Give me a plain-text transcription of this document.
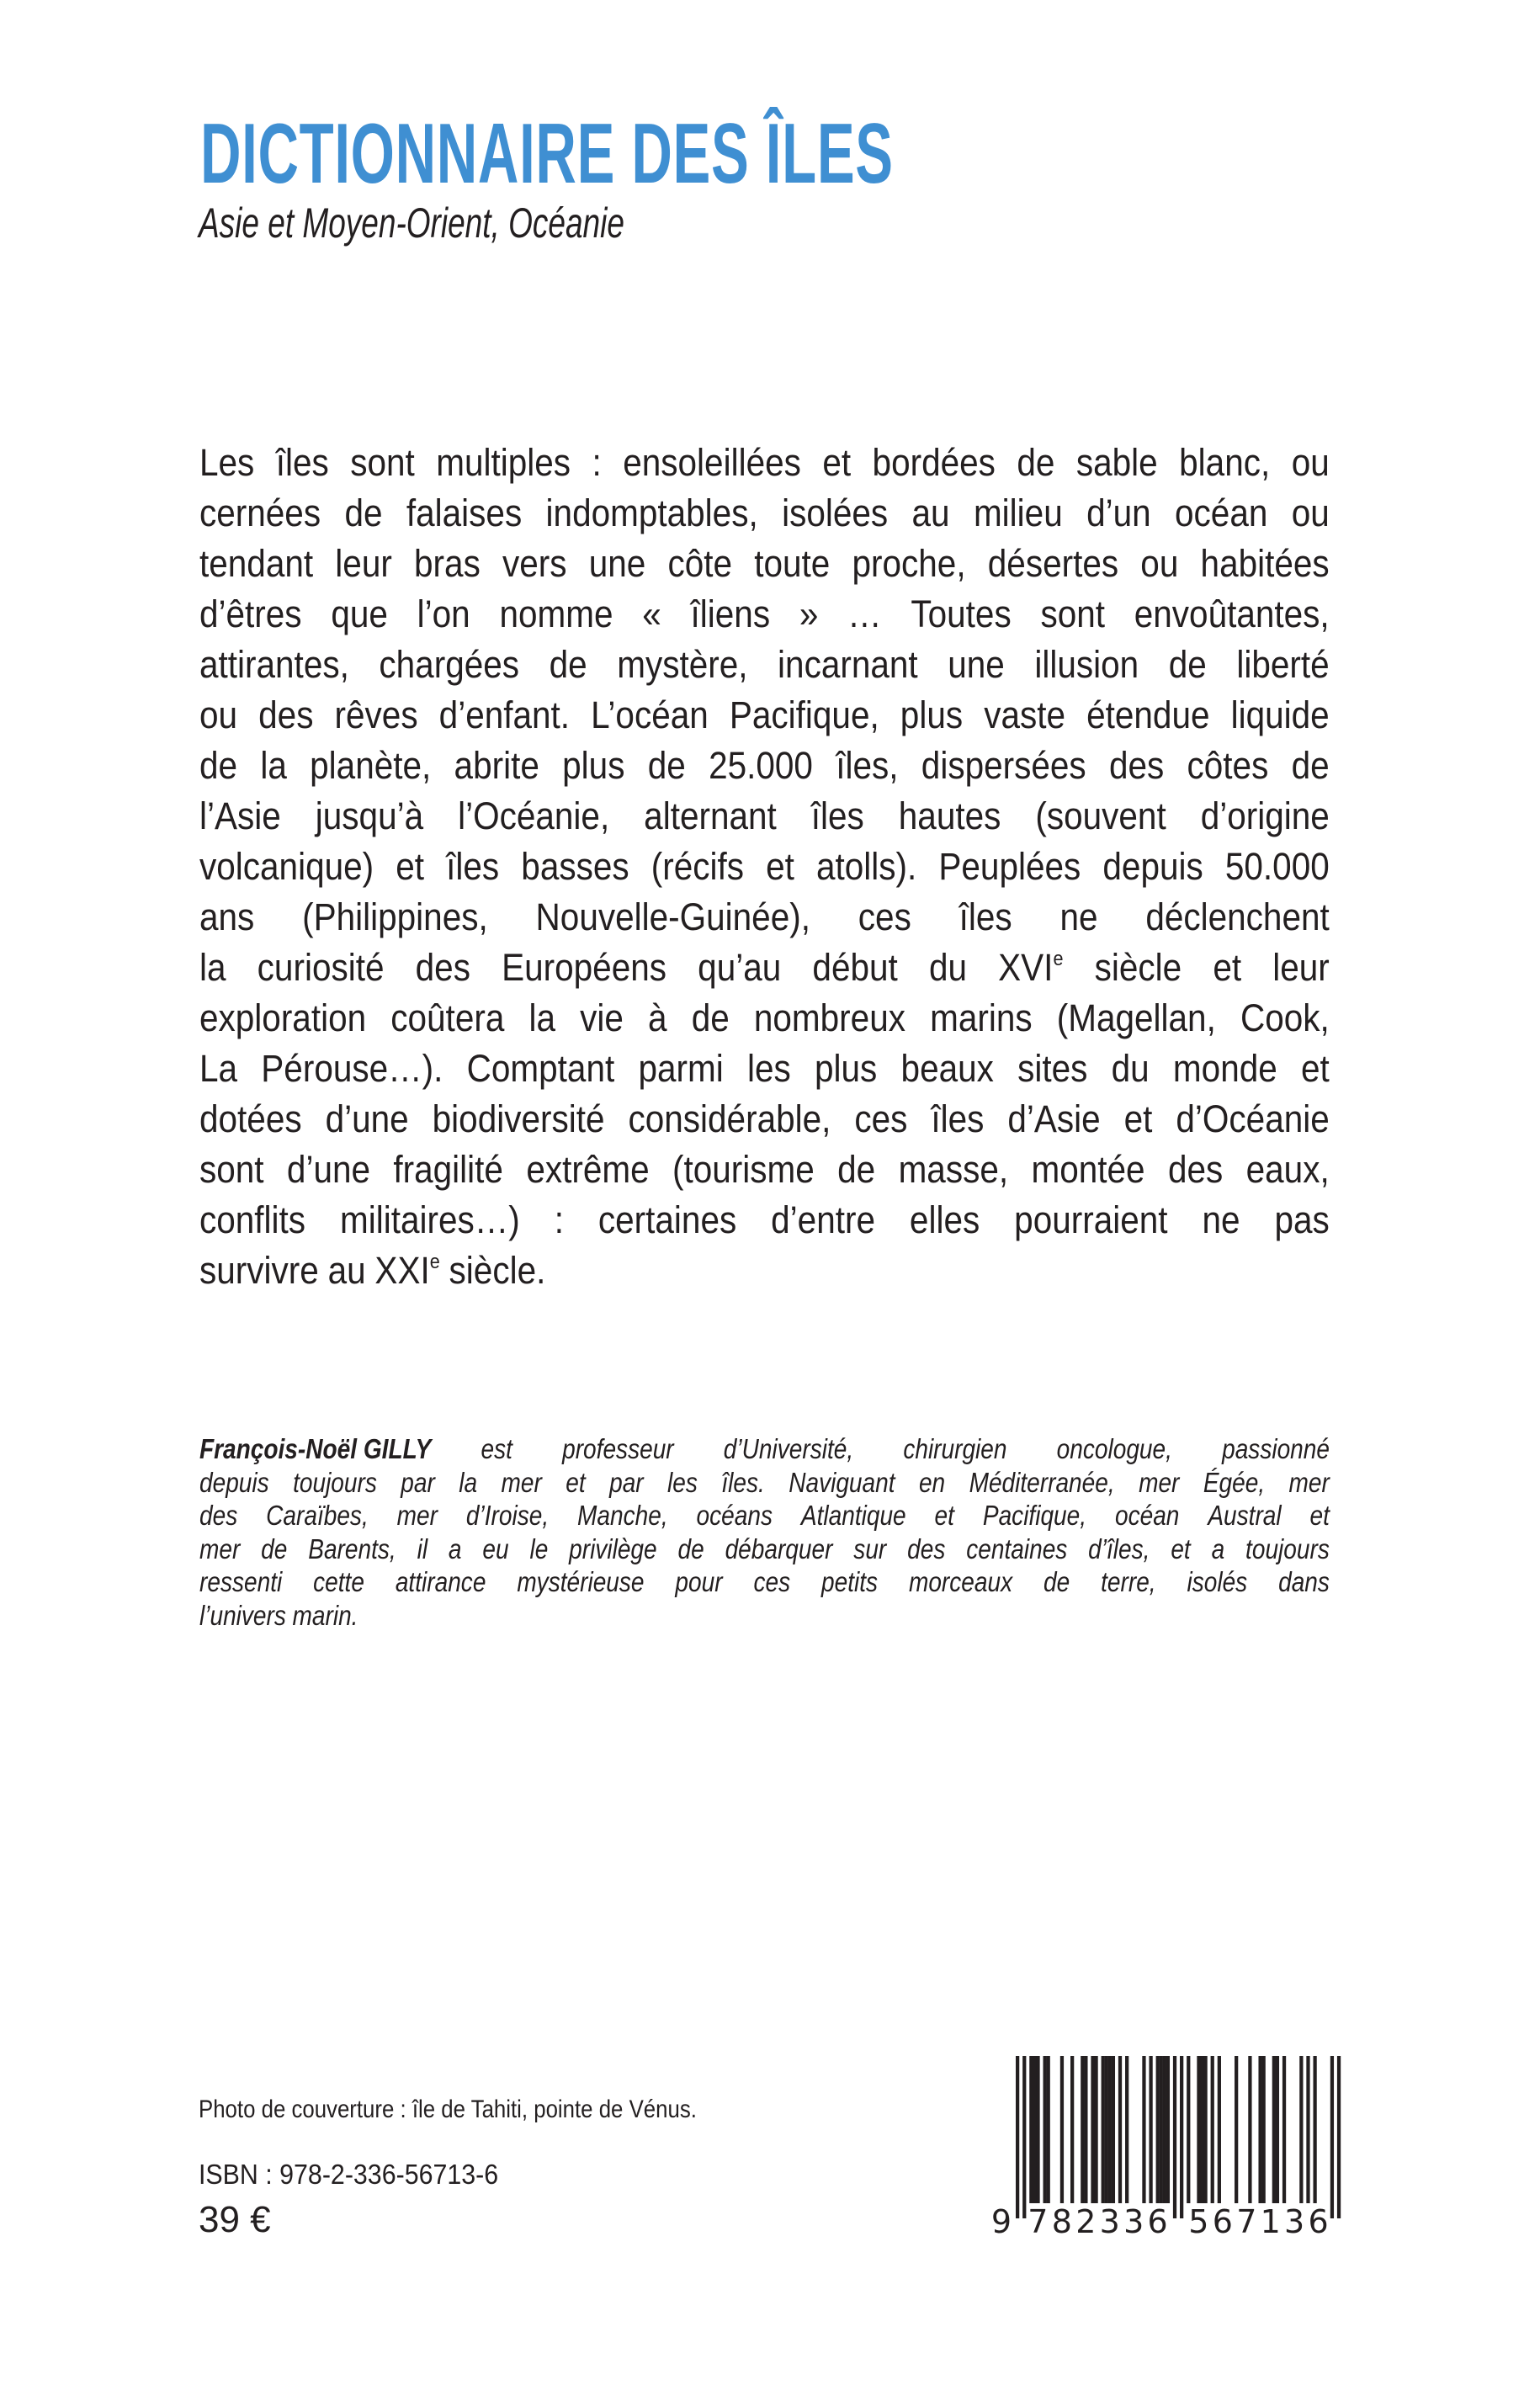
DICTIONNAIRE DES ÎLES
Asie et Moyen-Orient, Océanie
Les îles sont multiples : ensoleillées et bordées de sable blanc, ou
cernées de falaises indomptables, isolées au milieu d’un océan ou
tendant leur bras vers une côte toute proche, désertes ou habitées
d’êtres que l’on nomme « îliens » … Toutes sont envoûtantes,
attirantes, chargées de mystère, incarnant une illusion de liberté
ou des rêves d’enfant. L’océan Pacifique, plus vaste étendue liquide
de la planète, abrite plus de 25.000 îles, dispersées des côtes de
l’Asie jusqu’à l’Océanie, alternant îles hautes (souvent d’origine
volcanique) et îles basses (récifs et atolls). Peuplées depuis 50.000
ans (Philippines, Nouvelle-Guinée), ces îles ne déclenchent
la curiosité des Européens qu’au début du XVIe siècle et leur
exploration coûtera la vie à de nombreux marins (Magellan, Cook,
La Pérouse…). Comptant parmi les plus beaux sites du monde et
dotées d’une biodiversité considérable, ces îles d’Asie et d’Océanie
sont d’une fragilité extrême (tourisme de masse, montée des eaux,
conflits militaires…) : certaines d’entre elles pourraient ne pas
survivre au XXIe siècle.
François-Noël GILLY est professeur d’Université, chirurgien oncologue, passionné
depuis toujours par la mer et par les îles. Naviguant en Méditerranée, mer Égée, mer
des Caraïbes, mer d’Iroise, Manche, océans Atlantique et Pacifique, océan Austral et
mer de Barents, il a eu le privilège de débarquer sur des centaines d’îles, et a toujours
ressenti cette attirance mystérieuse pour ces petits morceaux de terre, isolés dans
l’univers marin.
Photo de couverture : île de Tahiti, pointe de Vénus.
ISBN : 978-2-336-56713-6
39 €	9 7 8 2 3 3 6 5 6 7 1 3 6
